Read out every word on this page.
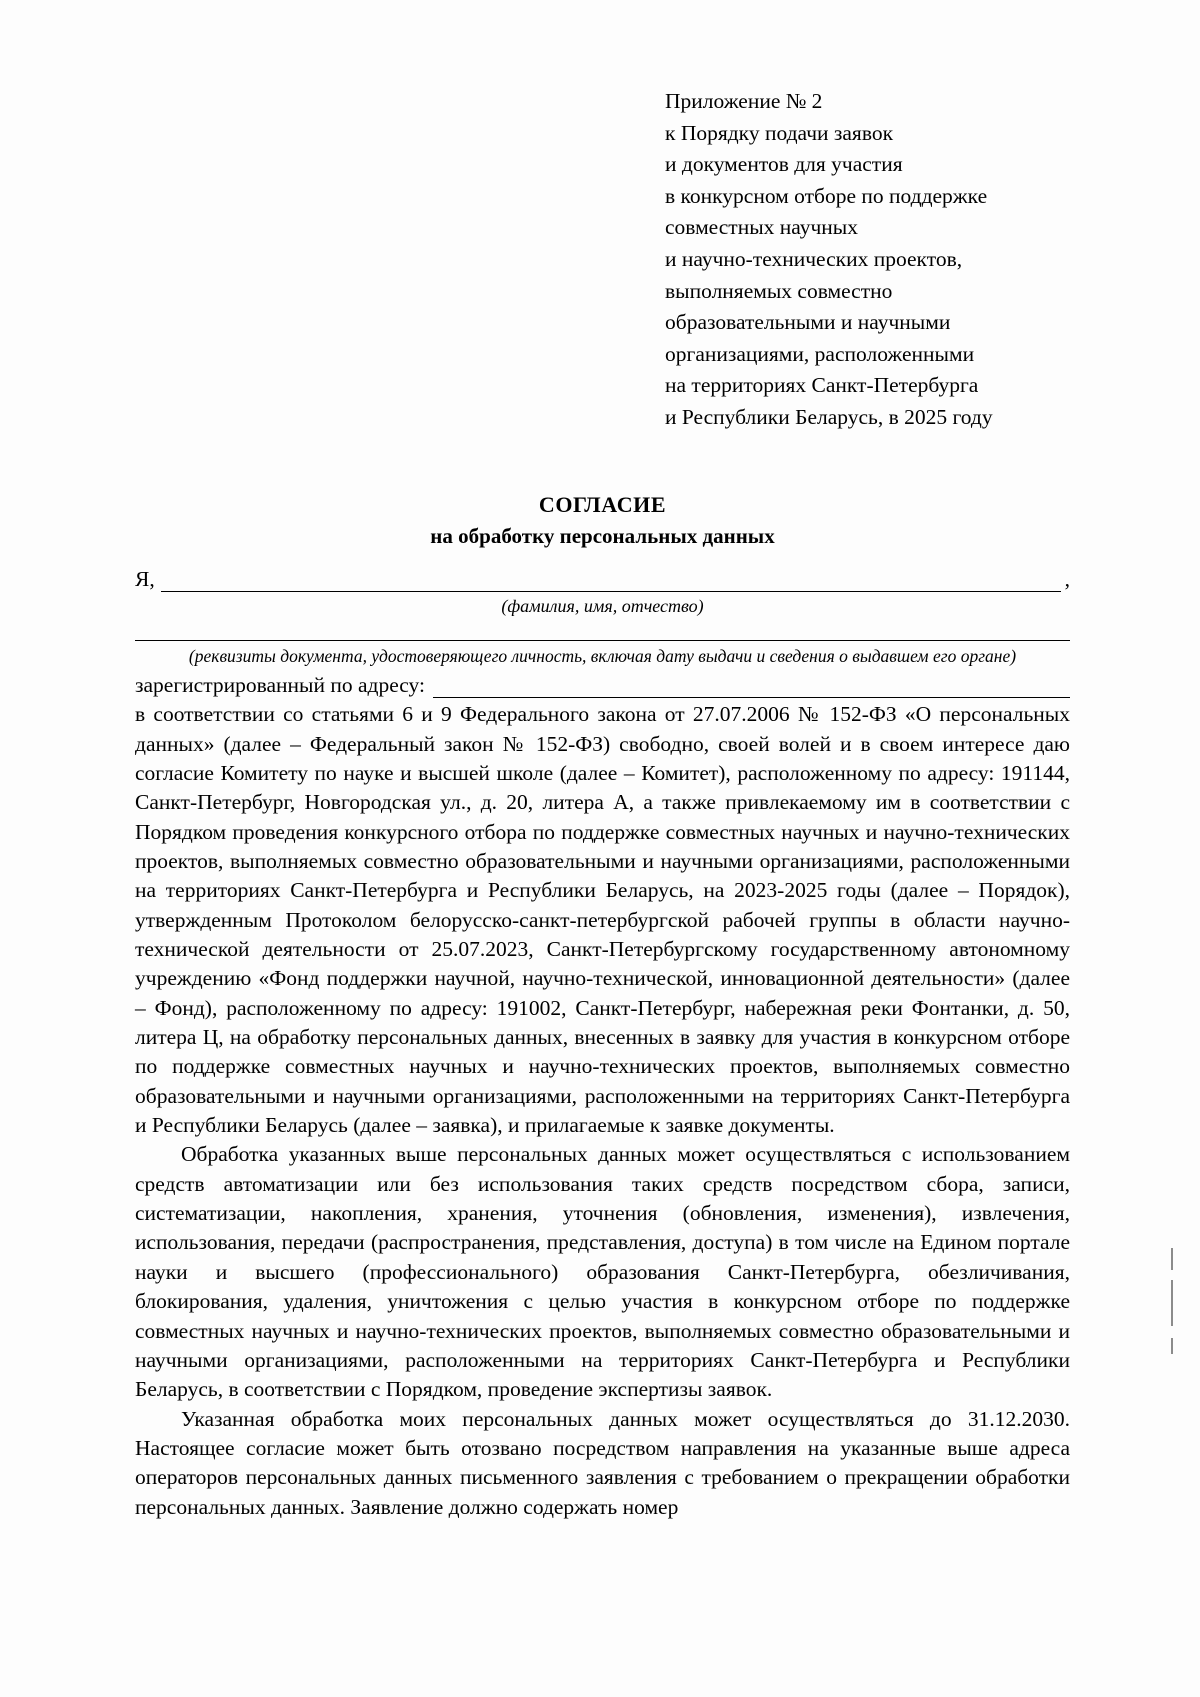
Приложение № 2
к Порядку подачи заявок
и документов для участия
в конкурсном отборе по поддержке
совместных научных
и научно-технических проектов,
выполняемых совместно
образовательными и научными
организациями, расположенными
на территориях Санкт-Петербурга
и Республики Беларусь, в 2025 году
СОГЛАСИЕ
на обработку персональных данных
Я,	,
(фамилия, имя, отчество)
(реквизиты документа, удостоверяющего личность, включая дату выдачи и сведения о выдавшем его органе)
зарегистрированный по адресу:

в соответствии со статьями 6 и 9 Федерального закона от 27.07.2006 № 152-ФЗ «О персональных данных» (далее – Федеральный закон № 152-ФЗ) свободно, своей волей и в своем интересе даю согласие Комитету по науке и высшей школе (далее – Комитет), расположенному по адресу: 191144, Санкт-Петербург, Новгородская ул., д. 20, литера А, а также привлекаемому им в соответствии с Порядком проведения конкурсного отбора по поддержке совместных научных и научно-технических проектов, выполняемых совместно образовательными и научными организациями, расположенными на территориях Санкт-Петербурга и Республики Беларусь, на 2023-2025 годы (далее – Порядок), утвержденным Протоколом белорусско-санкт-петербургской рабочей группы в области научно-технической деятельности от 25.07.2023, Санкт-Петербургскому государственному автономному учреждению «Фонд поддержки научной, научно-технической, инновационной деятельности» (далее – Фонд), расположенному по адресу: 191002, Санкт-Петербург, набережная реки Фонтанки, д. 50, литера Ц, на обработку персональных данных, внесенных в заявку для участия в конкурсном отборе по поддержке совместных научных и научно-технических проектов, выполняемых совместно образовательными и научными организациями, расположенными на территориях Санкт-Петербурга и Республики Беларусь (далее – заявка), и прилагаемые к заявке документы.

Обработка указанных выше персональных данных может осуществляться с использованием средств автоматизации или без использования таких средств посредством сбора, записи, систематизации, накопления, хранения, уточнения (обновления, изменения), извлечения, использования, передачи (распространения, представления, доступа) в том числе на Едином портале науки и высшего (профессионального) образования Санкт-Петербурга, обезличивания, блокирования, удаления, уничтожения с целью участия в конкурсном отборе по поддержке совместных научных и научно-технических проектов, выполняемых совместно образовательными и научными организациями, расположенными на территориях Санкт-Петербурга и Республики Беларусь, в соответствии с Порядком, проведение экспертизы заявок.

Указанная обработка моих персональных данных может осуществляться до 31.12.2030. Настоящее согласие может быть отозвано посредством направления на указанные выше адреса операторов персональных данных письменного заявления с требованием о прекращении обработки персональных данных. Заявление должно содержать номер
